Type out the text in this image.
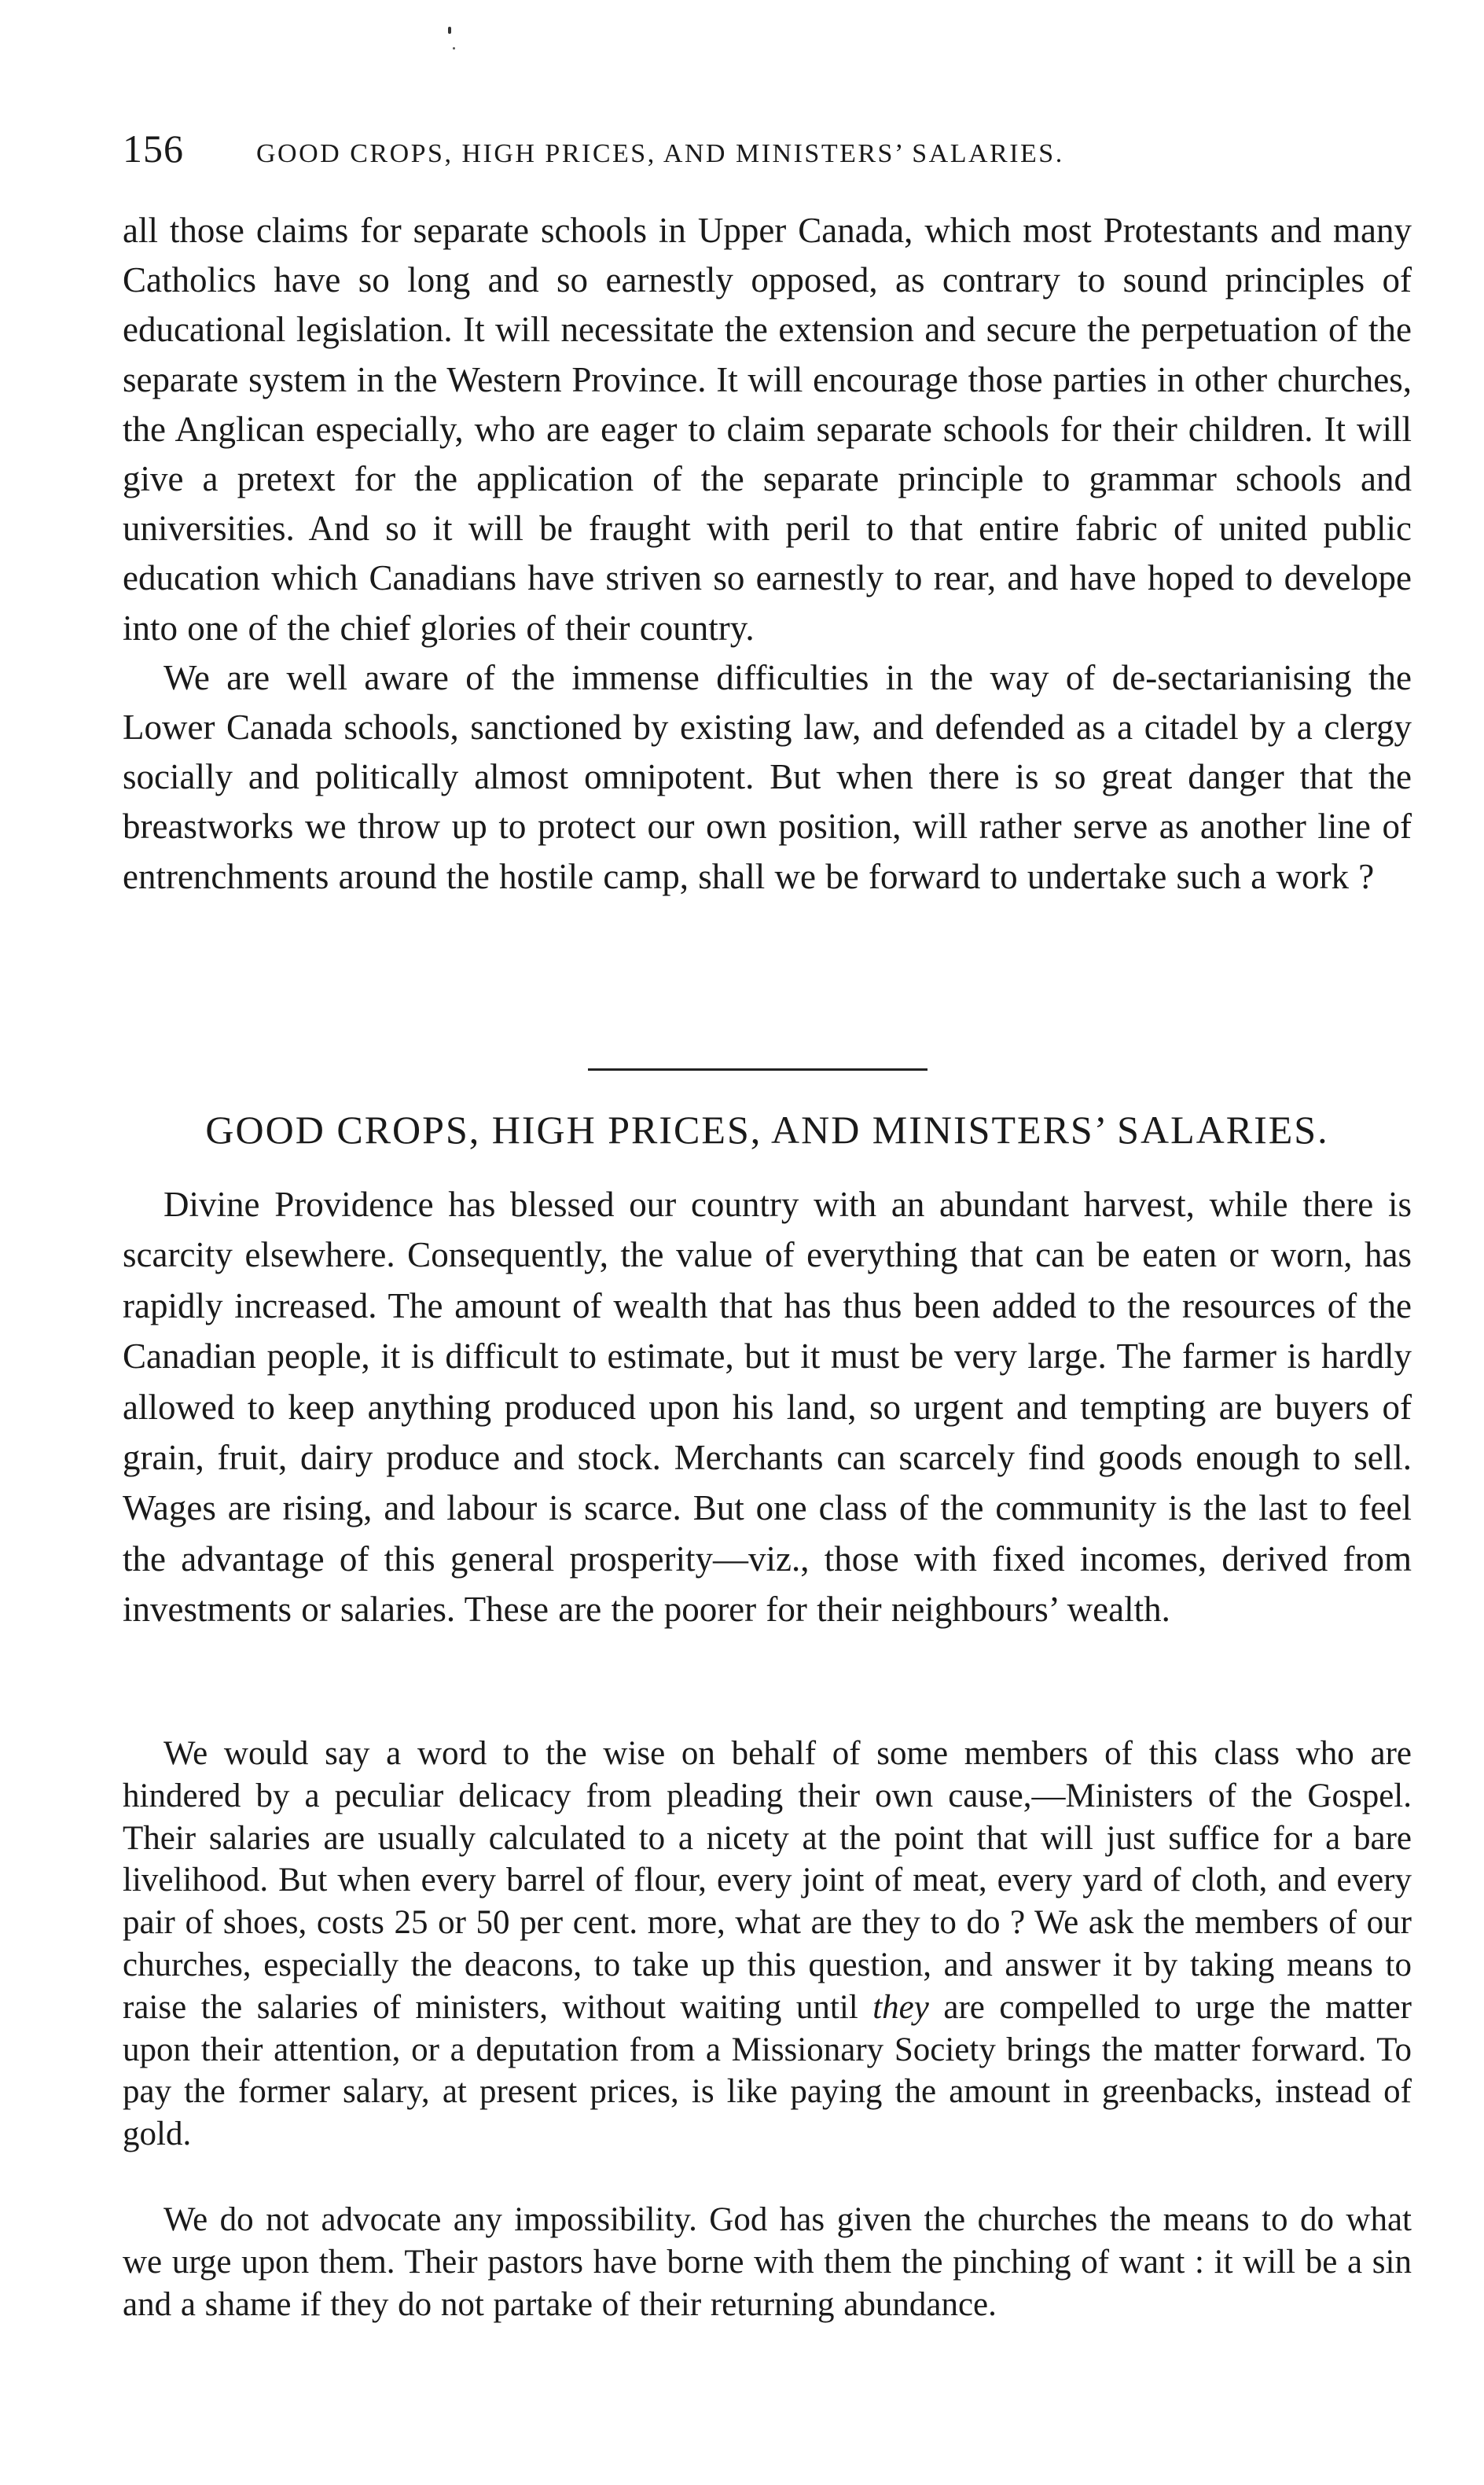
156	GOOD CROPS, HIGH PRICES, AND MINISTERS’ SALARIES.

all those claims for separate schools in Upper Canada, which most Protestants and many Catholics have so long and so earnestly opposed, as contrary to sound principles of educational legislation. It will necessitate the extension and secure the perpetuation of the separate system in the Western Province. It will encourage those parties in other churches, the Anglican especially, who are eager to claim separate schools for their children. It will give a pretext for the application of the separate principle to grammar schools and universities. And so it will be fraught with peril to that entire fabric of united public education which Canadians have striven so earnestly to rear, and have hoped to develope into one of the chief glories of their country.

We are well aware of the immense difficulties in the way of de-sectarianising the Lower Canada schools, sanctioned by existing law, and defended as a citadel by a clergy socially and politically almost omnipotent. But when there is so great danger that the breastworks we throw up to protect our own position, will rather serve as another line of entrenchments around the hostile camp, shall we be forward to undertake such a work ?

GOOD CROPS, HIGH PRICES, AND MINISTERS’ SALARIES.

Divine Providence has blessed our country with an abundant harvest, while there is scarcity elsewhere. Consequently, the value of everything that can be eaten or worn, has rapidly increased. The amount of wealth that has thus been added to the resources of the Canadian people, it is difficult to estimate, but it must be very large. The farmer is hardly allowed to keep anything produced upon his land, so urgent and tempting are buyers of grain, fruit, dairy produce and stock. Merchants can scarcely find goods enough to sell. Wages are rising, and labour is scarce. But one class of the community is the last to feel the advantage of this general prosperity—viz., those with fixed incomes, derived from investments or salaries. These are the poorer for their neighbours’ wealth.

We would say a word to the wise on behalf of some members of this class who are hindered by a peculiar delicacy from pleading their own cause,—Ministers of the Gospel. Their salaries are usually calculated to a nicety at the point that will just suffice for a bare livelihood. But when every barrel of flour, every joint of meat, every yard of cloth, and every pair of shoes, costs 25 or 50 per cent. more, what are they to do ? We ask the members of our churches, especially the deacons, to take up this question, and answer it by taking means to raise the salaries of ministers, without waiting until they are compelled to urge the matter upon their attention, or a deputation from a Missionary Society brings the matter forward. To pay the former salary, at present prices, is like paying the amount in greenbacks, instead of gold.

We do not advocate any impossibility. God has given the churches the means to do what we urge upon them. Their pastors have borne with them the pinching of want : it will be a sin and a shame if they do not partake of their returning abundance.
